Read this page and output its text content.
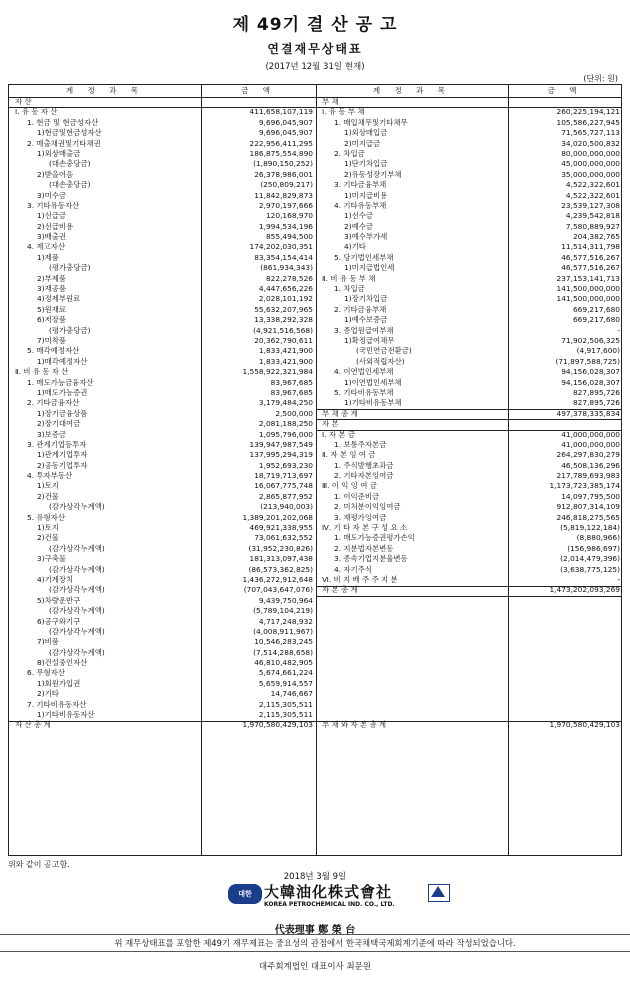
제 49기 결 산 공 고
연결재무상태표
(2017년 12월 31일 현재)
(단위: 원)
계 정 과 목	금 액	계 정 과 목	금 액
자 산
Ⅰ. 유 동 자 산	411,658,107,119
1. 현금 및 현금성자산	9,696,045,907
1)현금및현금성자산	9,696,045,907
2. 매출채권및기타채권	222,956,411,295
1)외상매출금	186,875,554,890
(대손충당금)	(1,890,150,252)
2)받을어음	26,378,986,001
(대손충당금)	(250,809,217)
3)미수금	11,842,829,873
3. 기타유동자산	2,970,197,666
1)선급금	120,168,970
2)선급비용	1,994,534,196
3)배출권	855,494,500
4. 재고자산	174,202,030,351
1)제품	83,354,154,414
(평가충당금)	(861,934,343)
2)부제품	822,278,526
3)재공품	4,447,656,226
4)정제부원료	2,028,101,192
5)원재료	55,632,207,965
6)저장품	13,338,292,328
(평가충당금)	(4,921,516,568)
7)미착품	20,362,790,611
5. 매각예정자산	1,833,421,900
1)매각예정자산	1,833,421,900
Ⅱ. 비 유 동 자 산	1,558,922,321,984
1. 매도가능금융자산	83,967,685
1)매도가능증권	83,967,685
2. 기타금융자산	3,179,484,250
1)장기금융상품	2,500,000
2)장기대여금	2,081,188,250
3)보증금	1,095,796,000
3. 관계기업등투자	139,947,987,549
1)관계기업투자	137,995,294,319
2)공동기업투자	1,952,693,230
4. 투자부동산	18,719,713,697
1)토지	16,067,775,748
2)건물	2,865,877,952
(감가상각누계액)	(213,940,003)
5. 유형자산	1,389,201,202,068
1)토지	469,921,338,955
2)건물	73,061,632,552
(감가상각누계액)	(31,952,230,826)
3)구축물	181,313,097,438
(감가상각누계액)	(86,573,362,825)
4)기계장치	1,436,272,912,648
(감가상각누계액)	(707,043,647,076)
5)차량운반구	9,439,750,964
(감가상각누계액)	(5,789,104,219)
6)공구와기구	4,717,248,932
(감가상각누계액)	(4,008,911,967)
7)비품	10,546,283,245
(감가상각누계액)	(7,514,288,658)
8)건설중인자산	46,810,482,905
6. 무형자산	5,674,661,224
1)회원가입권	5,659,914,557
2)기타	14,746,667
7. 기타비유동자산	2,115,305,511
1)기타비유동자산	2,115,305,511
자 산 총 계	1,970,580,429,103
부 채
Ⅰ. 유 동 부 채	260,225,194,121
1. 매입채무및기타채무	105,586,227,945
1)외상매입금	71,565,727,113
2)미지급금	34,020,500,832
2. 차입금	80,000,000,000
1)단기차입금	45,000,000,000
2)유동성장기부채	35,000,000,000
3. 기타금융부채	4,522,322,601
1)미지급비용	4,522,322,601
4. 기타유동부채	23,539,127,308
1)선수금	4,239,542,818
2)예수금	7,580,889,927
3)예수부가세	204,382,765
4)기타	11,514,311,798
5. 당기법인세부채	46,577,516,267
1)미지급법인세	46,577,516,267
Ⅱ. 비 유 동 부 채	237,153,141,713
1. 차입금	141,500,000,000
1)장기차입금	141,500,000,000
2. 기타금융부채	669,217,680
1)예수보증금	669,217,680
3. 종업원급여부채	-
1)확정급여채무	71,902,506,325
(국민연금전환금)	(4,917,600)
(사외적립자산)	(71,897,588,725)
4. 이연법인세부채	94,156,028,307
1)이연법인세부채	94,156,028,307
5. 기타비유동부채	827,895,726
1)기타비유동부채	827,895,726
부 채 총 계	497,378,335,834
자 본
Ⅰ. 자 본 금	41,000,000,000
1. 보통주자본금	41,000,000,000
Ⅱ. 자 본 잉 여 금	264,297,830,279
1. 주식발행초과금	46,508,136,296
2. 기타자본잉여금	217,789,693,983
Ⅲ. 이 익 잉 여 금	1,173,723,385,174
1. 이익준비금	14,097,795,500
2. 미처분이익잉여금	912,807,314,109
3. 재평가잉여금	246,818,275,565
Ⅳ. 기 타 자 본 구 성 요 소	(5,819,122,184)
1. 매도가능증권평가손익	(8,880,966)
2. 지분법자본변동	(156,986,697)
3. 종속기업지분율변동	(2,014,479,396)
4. 자기주식	(3,638,775,125)
Ⅵ. 비 지 배 주 주 지 분	-
자 본 총 계	1,473,202,093,269
부 채 와 자 본 총 계	1,970,580,429,103
위와 같이 공고함.
2018년 3월 9일
대한 大韓油化株式會社
KOREA PETROCHEMICAL IND. CO., LTD.
代表理事 鄭 榮 台
위 재무상태표를 포함한 제49기 재무제표는 중요성의 관점에서 한국채택국제회계기준에 따라 작성되었습니다.
대주회계법인 대표이사 최문원
